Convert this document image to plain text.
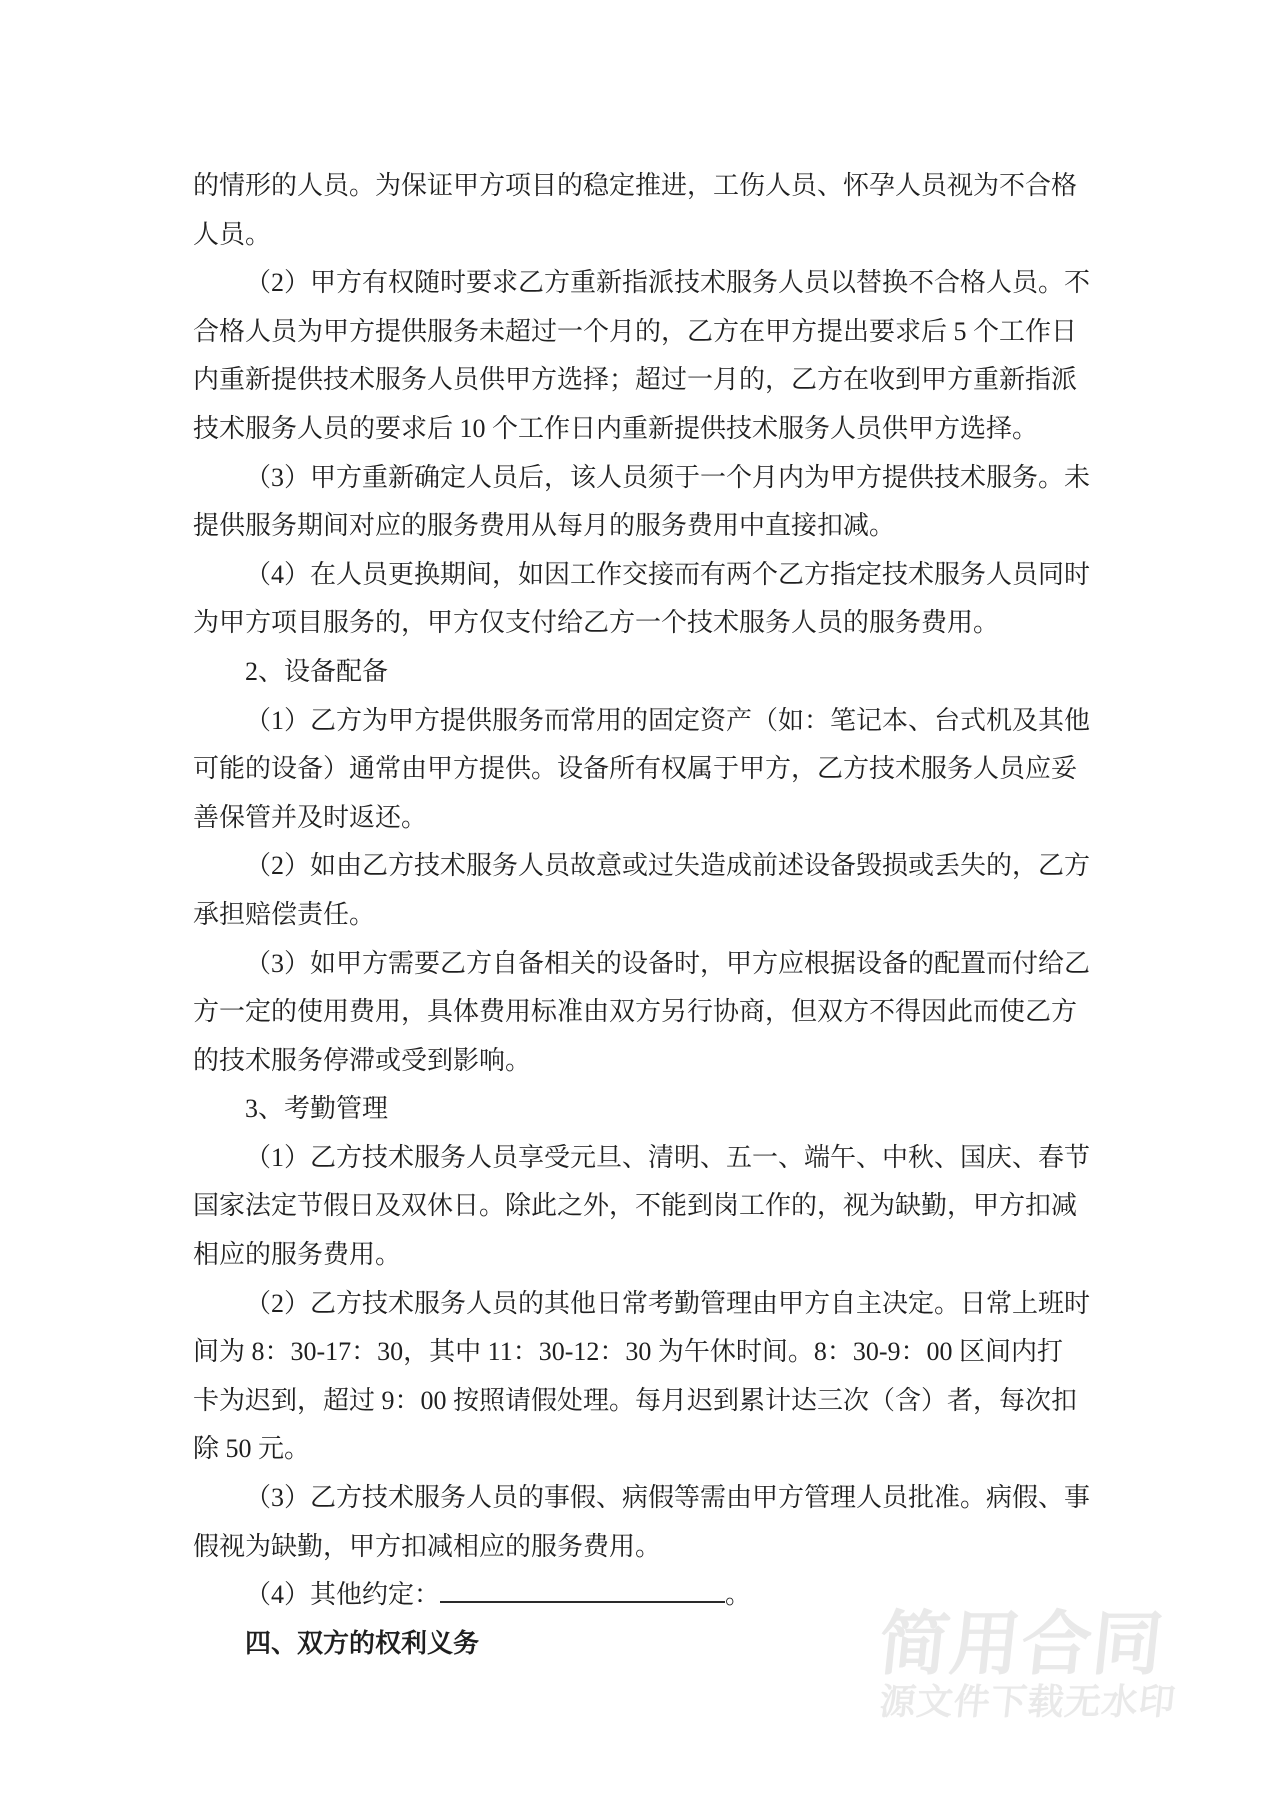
的情形的人员。为保证甲方项目的稳定推进，工伤人员、怀孕人员视为不合格
人员。
（2）甲方有权随时要求乙方重新指派技术服务人员以替换不合格人员。不
合格人员为甲方提供服务未超过一个月的，乙方在甲方提出要求后 5 个工作日
内重新提供技术服务人员供甲方选择；超过一月的，乙方在收到甲方重新指派
技术服务人员的要求后 10 个工作日内重新提供技术服务人员供甲方选择。
（3）甲方重新确定人员后，该人员须于一个月内为甲方提供技术服务。未
提供服务期间对应的服务费用从每月的服务费用中直接扣减。
（4）在人员更换期间，如因工作交接而有两个乙方指定技术服务人员同时
为甲方项目服务的，甲方仅支付给乙方一个技术服务人员的服务费用。
2、设备配备
（1）乙方为甲方提供服务而常用的固定资产（如：笔记本、台式机及其他
可能的设备）通常由甲方提供。设备所有权属于甲方，乙方技术服务人员应妥
善保管并及时返还。
（2）如由乙方技术服务人员故意或过失造成前述设备毁损或丢失的，乙方
承担赔偿责任。
（3）如甲方需要乙方自备相关的设备时，甲方应根据设备的配置而付给乙
方一定的使用费用，具体费用标准由双方另行协商，但双方不得因此而使乙方
的技术服务停滞或受到影响。
3、考勤管理
（1）乙方技术服务人员享受元旦、清明、五一、端午、中秋、国庆、春节
国家法定节假日及双休日。除此之外，不能到岗工作的，视为缺勤，甲方扣减
相应的服务费用。
（2）乙方技术服务人员的其他日常考勤管理由甲方自主决定。日常上班时
间为 8：30-17：30，其中 11：30-12：30 为午休时间。8：30-9：00 区间内打
卡为迟到，超过 9：00 按照请假处理。每月迟到累计达三次（含）者，每次扣
除 50 元。
（3）乙方技术服务人员的事假、病假等需由甲方管理人员批准。病假、事
假视为缺勤，甲方扣减相应的服务费用。
（4）其他约定：	。
四、双方的权利义务	简用合同
源文件下载无水印
